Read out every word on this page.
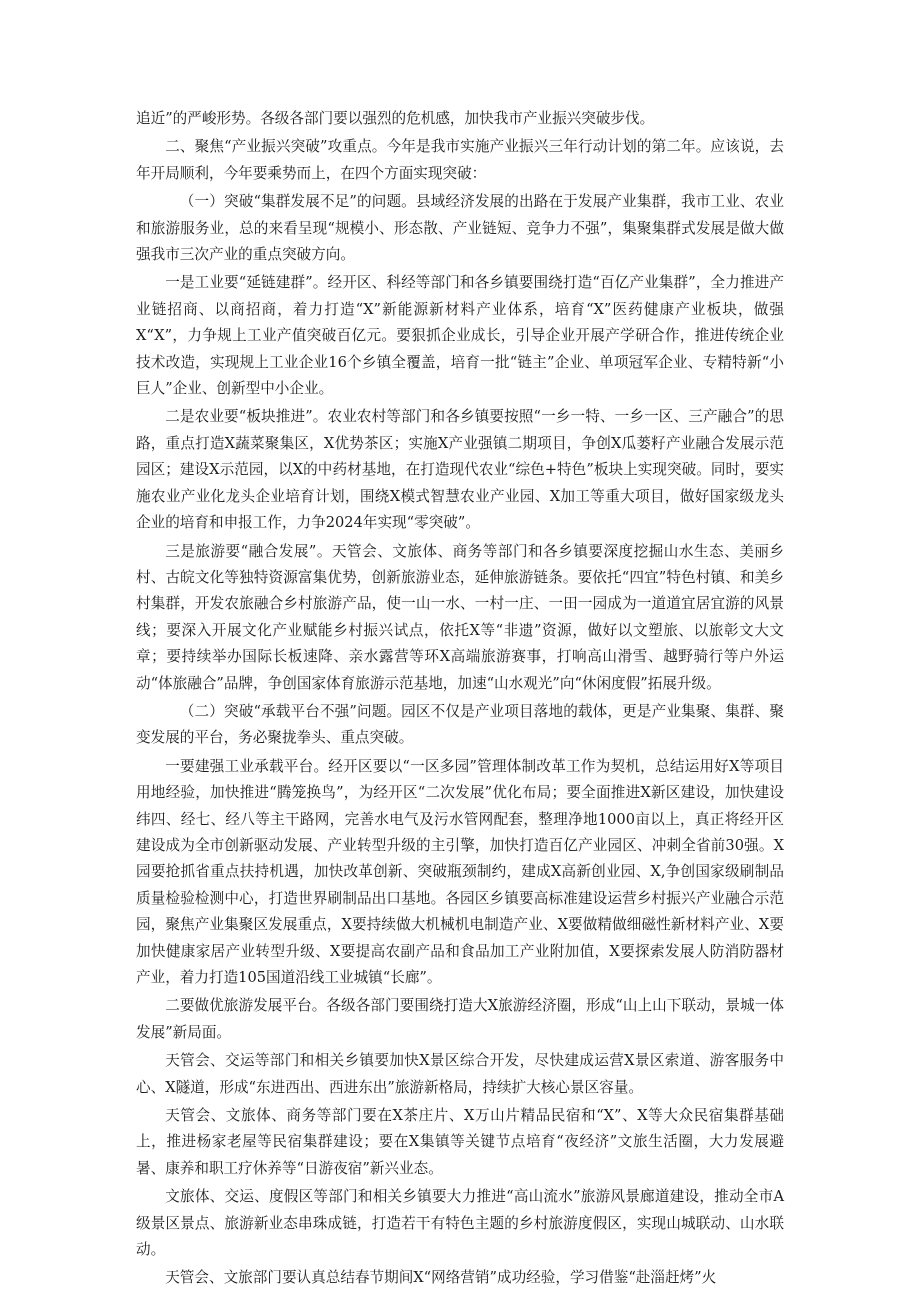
追近”的严峻形势。各级各部门要以强烈的危机感，加快我市产业振兴突破步伐。

二、聚焦“产业振兴突破”攻重点。今年是我市实施产业振兴三年行动计划的第二年。应该说，去年开局顺利，今年要乘势而上，在四个方面实现突破：

（一）突破“集群发展不足”的问题。县域经济发展的出路在于发展产业集群，我市工业、农业和旅游服务业，总的来看呈现“规模小、形态散、产业链短、竞争力不强”，集聚集群式发展是做大做强我市三次产业的重点突破方向。

一是工业要“延链建群”。经开区、科经等部门和各乡镇要围绕打造“百亿产业集群”，全力推进产业链招商、以商招商，着力打造“X”新能源新材料产业体系，培育“X”医药健康产业板块，做强X“X”，力争规上工业产值突破百亿元。要狠抓企业成长，引导企业开展产学研合作，推进传统企业技术改造，实现规上工业企业16个乡镇全覆盖，培育一批“链主”企业、单项冠军企业、专精特新“小巨人”企业、创新型中小企业。

二是农业要“板块推进”。农业农村等部门和各乡镇要按照“一乡一特、一乡一区、三产融合”的思路，重点打造X蔬菜聚集区，X优势茶区；实施X产业强镇二期项目，争创X瓜蒌籽产业融合发展示范园区；建设X示范园，以X的中药材基地，在打造现代农业“综色+特色”板块上实现突破。同时，要实施农业产业化龙头企业培育计划，围绕X模式智慧农业产业园、X加工等重大项目，做好国家级龙头企业的培育和申报工作，力争2024年实现“零突破”。

三是旅游要“融合发展”。天管会、文旅体、商务等部门和各乡镇要深度挖掘山水生态、美丽乡村、古皖文化等独特资源富集优势，创新旅游业态，延伸旅游链条。要依托“四宜”特色村镇、和美乡村集群，开发农旅融合乡村旅游产品，使一山一水、一村一庄、一田一园成为一道道宜居宜游的风景线；要深入开展文化产业赋能乡村振兴试点，依托X等“非遗”资源，做好以文塑旅、以旅彰文大文章；要持续举办国际长板速降、亲水露营等环X高端旅游赛事，打响高山滑雪、越野骑行等户外运动“体旅融合”品牌，争创国家体育旅游示范基地，加速“山水观光”向“休闲度假”拓展升级。

（二）突破“承载平台不强”问题。园区不仅是产业项目落地的载体，更是产业集聚、集群、聚变发展的平台，务必聚拢拳头、重点突破。

一要建强工业承载平台。经开区要以“一区多园”管理体制改革工作为契机，总结运用好X等项目用地经验，加快推进“腾笼换鸟”，为经开区“二次发展”优化布局；要全面推进X新区建设，加快建设纬四、经七、经八等主干路网，完善水电气及污水管网配套，整理净地1000亩以上，真正将经开区建设成为全市创新驱动发展、产业转型升级的主引擎，加快打造百亿产业园区、冲刺全省前30强。X园要抢抓省重点扶持机遇，加快改革创新、突破瓶颈制约，建成X高新创业园、X,争创国家级刷制品质量检验检测中心，打造世界刷制品出口基地。各园区乡镇要高标准建设运营乡村振兴产业融合示范园，聚焦产业集聚区发展重点，X要持续做大机械机电制造产业、X要做精做细磁性新材料产业、X要加快健康家居产业转型升级、X要提高农副产品和食品加工产业附加值，X要探索发展人防消防器材产业，着力打造105国道沿线工业城镇“长廊”。

二要做优旅游发展平台。各级各部门要围绕打造大X旅游经济圈，形成“山上山下联动，景城一体发展”新局面。

天管会、交运等部门和相关乡镇要加快X景区综合开发，尽快建成运营X景区索道、游客服务中心、X隧道，形成“东进西出、西进东出”旅游新格局，持续扩大核心景区容量。

天管会、文旅体、商务等部门要在X茶庄片、X万山片精品民宿和“X”、X等大众民宿集群基础上，推进杨家老屋等民宿集群建设；要在X集镇等关键节点培育“夜经济”文旅生活圈，大力发展避暑、康养和职工疗休养等“日游夜宿”新兴业态。

文旅体、交运、度假区等部门和相关乡镇要大力推进“高山流水”旅游风景廊道建设，推动全市A级景区景点、旅游新业态串珠成链，打造若干有特色主题的乡村旅游度假区，实现山城联动、山水联动。

天管会、文旅部门要认真总结春节期间X“网络营销”成功经验，学习借鉴“赴淄赶烤”火
